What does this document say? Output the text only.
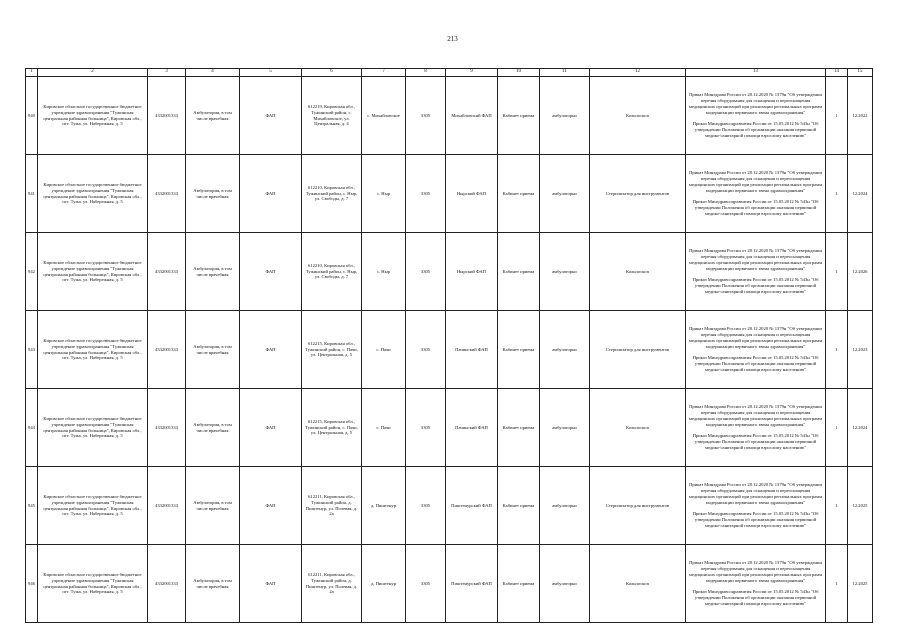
213
1	2	3	4	5	6	7	8	9	10	11	12	13	14	15
940	Кировское областное государственное бюджетное учреждение здравоохранения "Тужинская центральная районная больница", Кировская обл., пгт. Тужа, ул. Набережная, д. 5	4332001333	Амбулатория, в том числе врачебная	ФАП	612219, Кировская обл., Тужинский район, с. Михайловское, ул. Центральная, д. 4	с. Михайловское	3305	Михайловский ФАП	Кабинет приема	амбулаторно	Кольпоскоп	Приказ Минздрава России от 28.12.2020 № 1379н "Об утверждении перечня оборудования для оснащения и переоснащения медицинских организаций при реализации региональных программ модернизации первичного звена здравоохранения"

Приказ Минздравсоцразвития России от 15.05.2012 № 543н "Об утверждении Положения об организации оказания первичной медико-санитарной помощи взрослому населению"	1	12.2022
941	Кировское областное государственное бюджетное учреждение здравоохранения "Тужинская центральная районная больница", Кировская обл., пгт. Тужа, ул. Набережная, д. 5	4332001333	Амбулатория, в том числе врачебная	ФАП	612210, Кировская обл., Тужинский район, с. Ныр, ул. Свободы, д. 7	с. Ныр	3305	Нырский ФАП	Кабинет приема	амбулаторно	Стерилизатор для инструментов	Приказ Минздрава России от 28.12.2020 № 1379н "Об утверждении перечня оборудования для оснащения и переоснащения медицинских организаций при реализации региональных программ модернизации первичного звена здравоохранения"

Приказ Минздравсоцразвития России от 15.05.2012 № 543н "Об утверждении Положения об организации оказания первичной медико-санитарной помощи взрослому населению"	1	12.2024
942	Кировское областное государственное бюджетное учреждение здравоохранения "Тужинская центральная районная больница", Кировская обл., пгт. Тужа, ул. Набережная, д. 5	4332001333	Амбулатория, в том числе врачебная	ФАП	612210, Кировская обл., Тужинский район, с. Ныр, ул. Свободы, д. 7	с. Ныр	3305	Нырский ФАП	Кабинет приема	амбулаторно	Кольпоскоп	Приказ Минздрава России от 28.12.2020 № 1379н "Об утверждении перечня оборудования для оснащения и переоснащения медицинских организаций при реализации региональных программ модернизации первичного звена здравоохранения"

Приказ Минздравсоцразвития России от 15.05.2012 № 543н "Об утверждении Положения об организации оказания первичной медико-санитарной помощи взрослому населению"	1	12.2026
943	Кировское областное государственное бюджетное учреждение здравоохранения "Тужинская центральная районная больница", Кировская обл., пгт. Тужа, ул. Набережная, д. 5	4332001333	Амбулатория, в том числе врачебная	ФАП	612215, Кировская обл., Тужинский район, с. Пачи, ул. Центральная, д. 5	с. Пачи	3305	Пачинский ФАП	Кабинет приема	амбулаторно	Стерилизатор для инструментов	Приказ Минздрава России от 28.12.2020 № 1379н "Об утверждении перечня оборудования для оснащения и переоснащения медицинских организаций при реализации региональных программ модернизации первичного звена здравоохранения"

Приказ Минздравсоцразвития России от 15.05.2012 № 543н "Об утверждении Положения об организации оказания первичной медико-санитарной помощи взрослому населению"	1	12.2023
944	Кировское областное государственное бюджетное учреждение здравоохранения "Тужинская центральная районная больница", Кировская обл., пгт. Тужа, ул. Набережная, д. 5	4332001333	Амбулатория, в том числе врачебная	ФАП	612215, Кировская обл., Тужинский район, с. Пачи, ул. Центральная, д. 5	с. Пачи	3305	Пачинский ФАП	Кабинет приема	амбулаторно	Кольпоскоп	Приказ Минздрава России от 28.12.2020 № 1379н "Об утверждении перечня оборудования для оснащения и переоснащения медицинских организаций при реализации региональных программ модернизации первичного звена здравоохранения"

Приказ Минздравсоцразвития России от 15.05.2012 № 543н "Об утверждении Положения об организации оказания первичной медико-санитарной помощи взрослому населению"	1	12.2024
945	Кировское областное государственное бюджетное учреждение здравоохранения "Тужинская центральная районная больница", Кировская обл., пгт. Тужа, ул. Набережная, д. 5	4332001333	Амбулатория, в том числе врачебная	ФАП	612211, Кировская обл., Тужинский район, д. Пиштенур, ул. Полевая, д. 2а	д. Пиштенур	3305	Пиштенурский ФАП	Кабинет приема	амбулаторно	Стерилизатор для инструментов	Приказ Минздрава России от 28.12.2020 № 1379н "Об утверждении перечня оборудования для оснащения и переоснащения медицинских организаций при реализации региональных программ модернизации первичного звена здравоохранения"

Приказ Минздравсоцразвития России от 15.05.2012 № 543н "Об утверждении Положения об организации оказания первичной медико-санитарной помощи взрослому населению"	1	12.2025
946	Кировское областное государственное бюджетное учреждение здравоохранения "Тужинская центральная районная больница", Кировская обл., пгт. Тужа, ул. Набережная, д. 5	4332001333	Амбулатория, в том числе врачебная	ФАП	612211, Кировская обл., Тужинский район, д. Пиштенур, ул. Полевая, д. 2а	д. Пиштенур	3305	Пиштенурский ФАП	Кабинет приема	амбулаторно	Кольпоскоп	Приказ Минздрава России от 28.12.2020 № 1379н "Об утверждении перечня оборудования для оснащения и переоснащения медицинских организаций при реализации региональных программ модернизации первичного звена здравоохранения"

Приказ Минздравсоцразвития России от 15.05.2012 № 543н "Об утверждении Положения об организации оказания первичной медико-санитарной помощи взрослому населению"	1	12.2025
